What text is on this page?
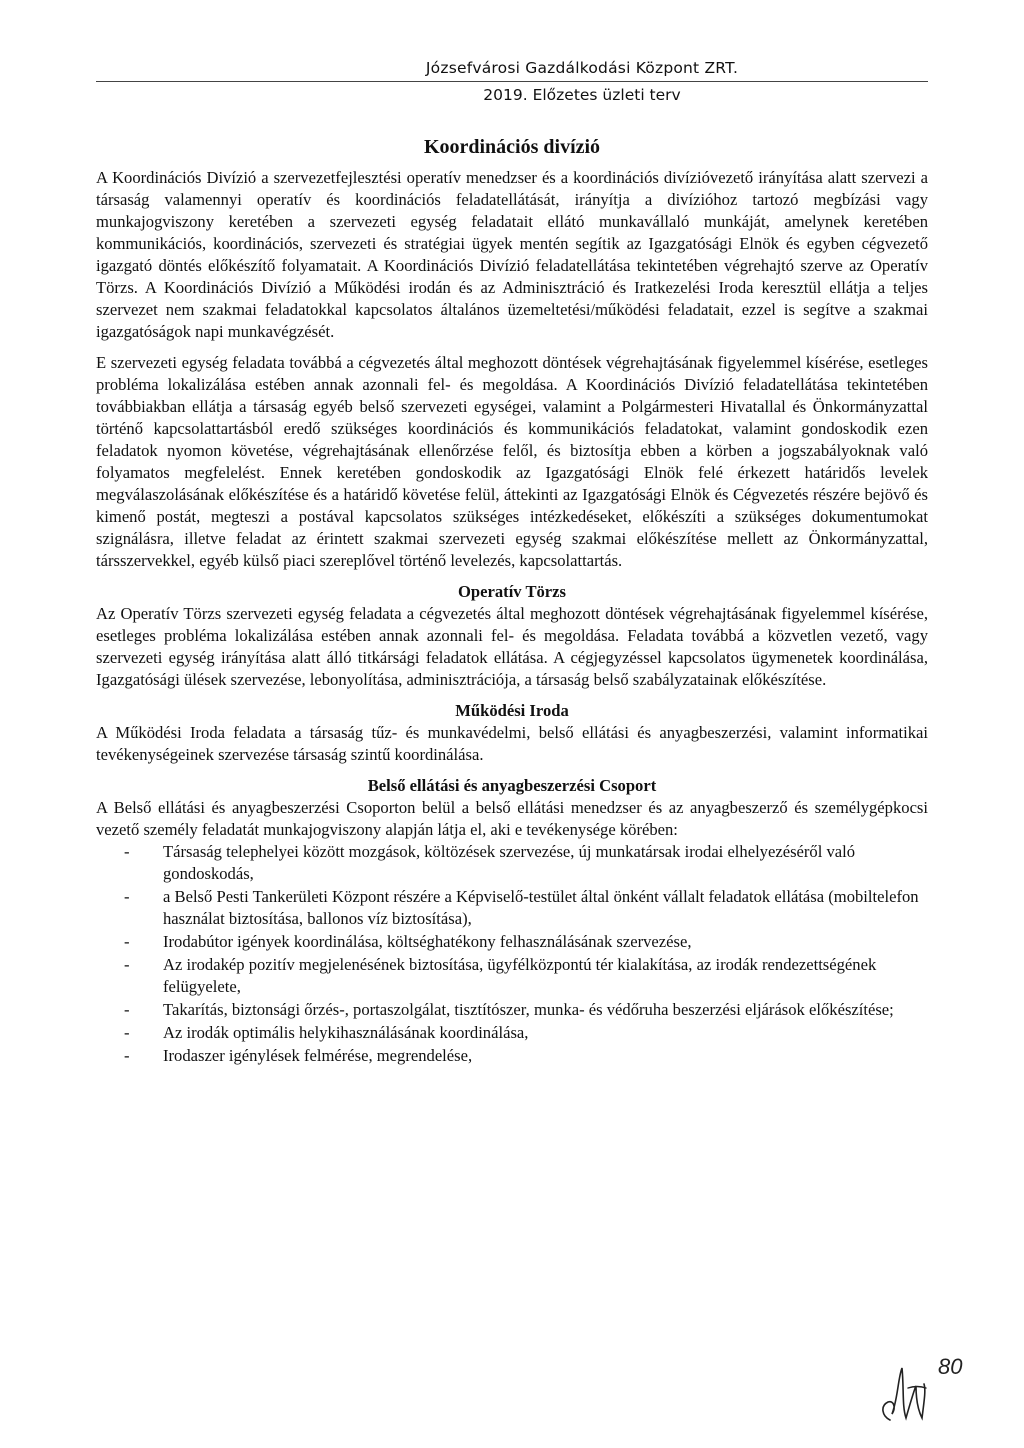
Józsefvárosi Gazdálkodási Központ ZRT.
2019. Előzetes üzleti terv
Koordinációs divízió

A Koordinációs Divízió a szervezetfejlesztési operatív menedzser és a koordinációs divízióvezető irányítása alatt szervezi a társaság valamennyi operatív és koordinációs feladatellátását, irányítja a divízióhoz tartozó megbízási vagy munkajogviszony keretében a szervezeti egység feladatait ellátó munkavállaló munkáját, amelynek keretében kommunikációs, koordinációs, szervezeti és stratégiai ügyek mentén segítik az Igazgatósági Elnök és egyben cégvezető igazgató döntés előkészítő folyamatait. A Koordinációs Divízió feladatellátása tekintetében végrehajtó szerve az Operatív Törzs. A Koordinációs Divízió a Működési irodán és az Adminisztráció és Iratkezelési Iroda keresztül ellátja a teljes szervezet nem szakmai feladatokkal kapcsolatos általános üzemeltetési/működési feladatait, ezzel is segítve a szakmai igazgatóságok napi munkavégzését.

E szervezeti egység feladata továbbá a cégvezetés által meghozott döntések végrehajtásának figyelemmel kísérése, esetleges probléma lokalizálása estében annak azonnali fel- és megoldása. A Koordinációs Divízió feladatellátása tekintetében továbbiakban ellátja a társaság egyéb belső szervezeti egységei, valamint a Polgármesteri Hivatallal és Önkormányzattal történő kapcsolattartásból eredő szükséges koordinációs és kommunikációs feladatokat, valamint gondoskodik ezen feladatok nyomon követése, végrehajtásának ellenőrzése felől, és biztosítja ebben a körben a jogszabályoknak való folyamatos megfelelést. Ennek keretében gondoskodik az Igazgatósági Elnök felé érkezett határidős levelek megválaszolásának előkészítése és a határidő követése felül, áttekinti az Igazgatósági Elnök és Cégvezetés részére bejövő és kimenő postát, megteszi a postával kapcsolatos szükséges intézkedéseket, előkészíti a szükséges dokumentumokat szignálásra, illetve feladat az érintett szakmai szervezeti egység szakmai előkészítése mellett az Önkormányzattal, társszervekkel, egyéb külső piaci szereplővel történő levelezés, kapcsolattartás.

Operatív Törzs

Az Operatív Törzs szervezeti egység feladata a cégvezetés által meghozott döntések végrehajtásának figyelemmel kísérése, esetleges probléma lokalizálása estében annak azonnali fel- és megoldása. Feladata továbbá a közvetlen vezető, vagy szervezeti egység irányítása alatt álló titkársági feladatok ellátása. A cégjegyzéssel kapcsolatos ügymenetek koordinálása, Igazgatósági ülések szervezése, lebonyolítása, adminisztrációja, a társaság belső szabályzatainak előkészítése.

Működési Iroda

A Működési Iroda feladata a társaság tűz- és munkavédelmi, belső ellátási és anyagbeszerzési, valamint informatikai tevékenységeinek szervezése társaság szintű koordinálása.

Belső ellátási és anyagbeszerzési Csoport

A Belső ellátási és anyagbeszerzési Csoporton belül a belső ellátási menedzser és az anyagbeszerző és személygépkocsi vezető személy feladatát munkajogviszony alapján látja el, aki e tevékenysége körében:

- Társaság telephelyei között mozgások, költözések szervezése, új munkatársak irodai elhelyezéséről való gondoskodás,
- a Belső Pesti Tankerületi Központ részére a Képviselő-testület által önként vállalt feladatok ellátása (mobiltelefon használat biztosítása, ballonos víz biztosítása),
- Irodabútor igények koordinálása, költséghatékony felhasználásának szervezése,
- Az irodakép pozitív megjelenésének biztosítása, ügyfélközpontú tér kialakítása, az irodák rendezettségének felügyelete,
- Takarítás, biztonsági őrzés-, portaszolgálat, tisztítószer, munka- és védőruha beszerzési eljárások előkészítése;
- Az irodák optimális helykihasználásának koordinálása,
- Irodaszer igénylések felmérése, megrendelése,
80
